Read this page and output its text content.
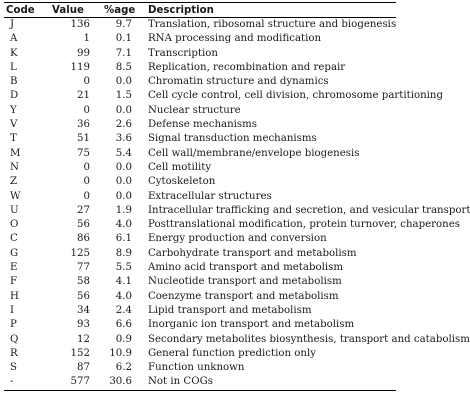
Code	Value	%age	Description
J	136	9.7	Translation, ribosomal structure and biogenesis
A	1	0.1	RNA processing and modification
K	99	7.1	Transcription
L	119	8.5	Replication, recombination and repair
B	0	0.0	Chromatin structure and dynamics
D	21	1.5	Cell cycle control, cell division, chromosome partitioning
Y	0	0.0	Nuclear structure
V	36	2.6	Defense mechanisms
T	51	3.6	Signal transduction mechanisms
M	75	5.4	Cell wall/membrane/envelope biogenesis
N	0	0.0	Cell motility
Z	0	0.0	Cytoskeleton
W	0	0.0	Extracellular structures
U	27	1.9	Intracellular trafficking and secretion, and vesicular transport
O	56	4.0	Posttranslational modification, protein turnover, chaperones
C	86	6.1	Energy production and conversion
G	125	8.9	Carbohydrate transport and metabolism
E	77	5.5	Amino acid transport and metabolism
F	58	4.1	Nucleotide transport and metabolism
H	56	4.0	Coenzyme transport and metabolism
I	34	2.4	Lipid transport and metabolism
P	93	6.6	Inorganic ion transport and metabolism
Q	12	0.9	Secondary metabolites biosynthesis, transport and catabolism
R	152	10.9	General function prediction only
S	87	6.2	Function unknown
-	577	30.6	Not in COGs
